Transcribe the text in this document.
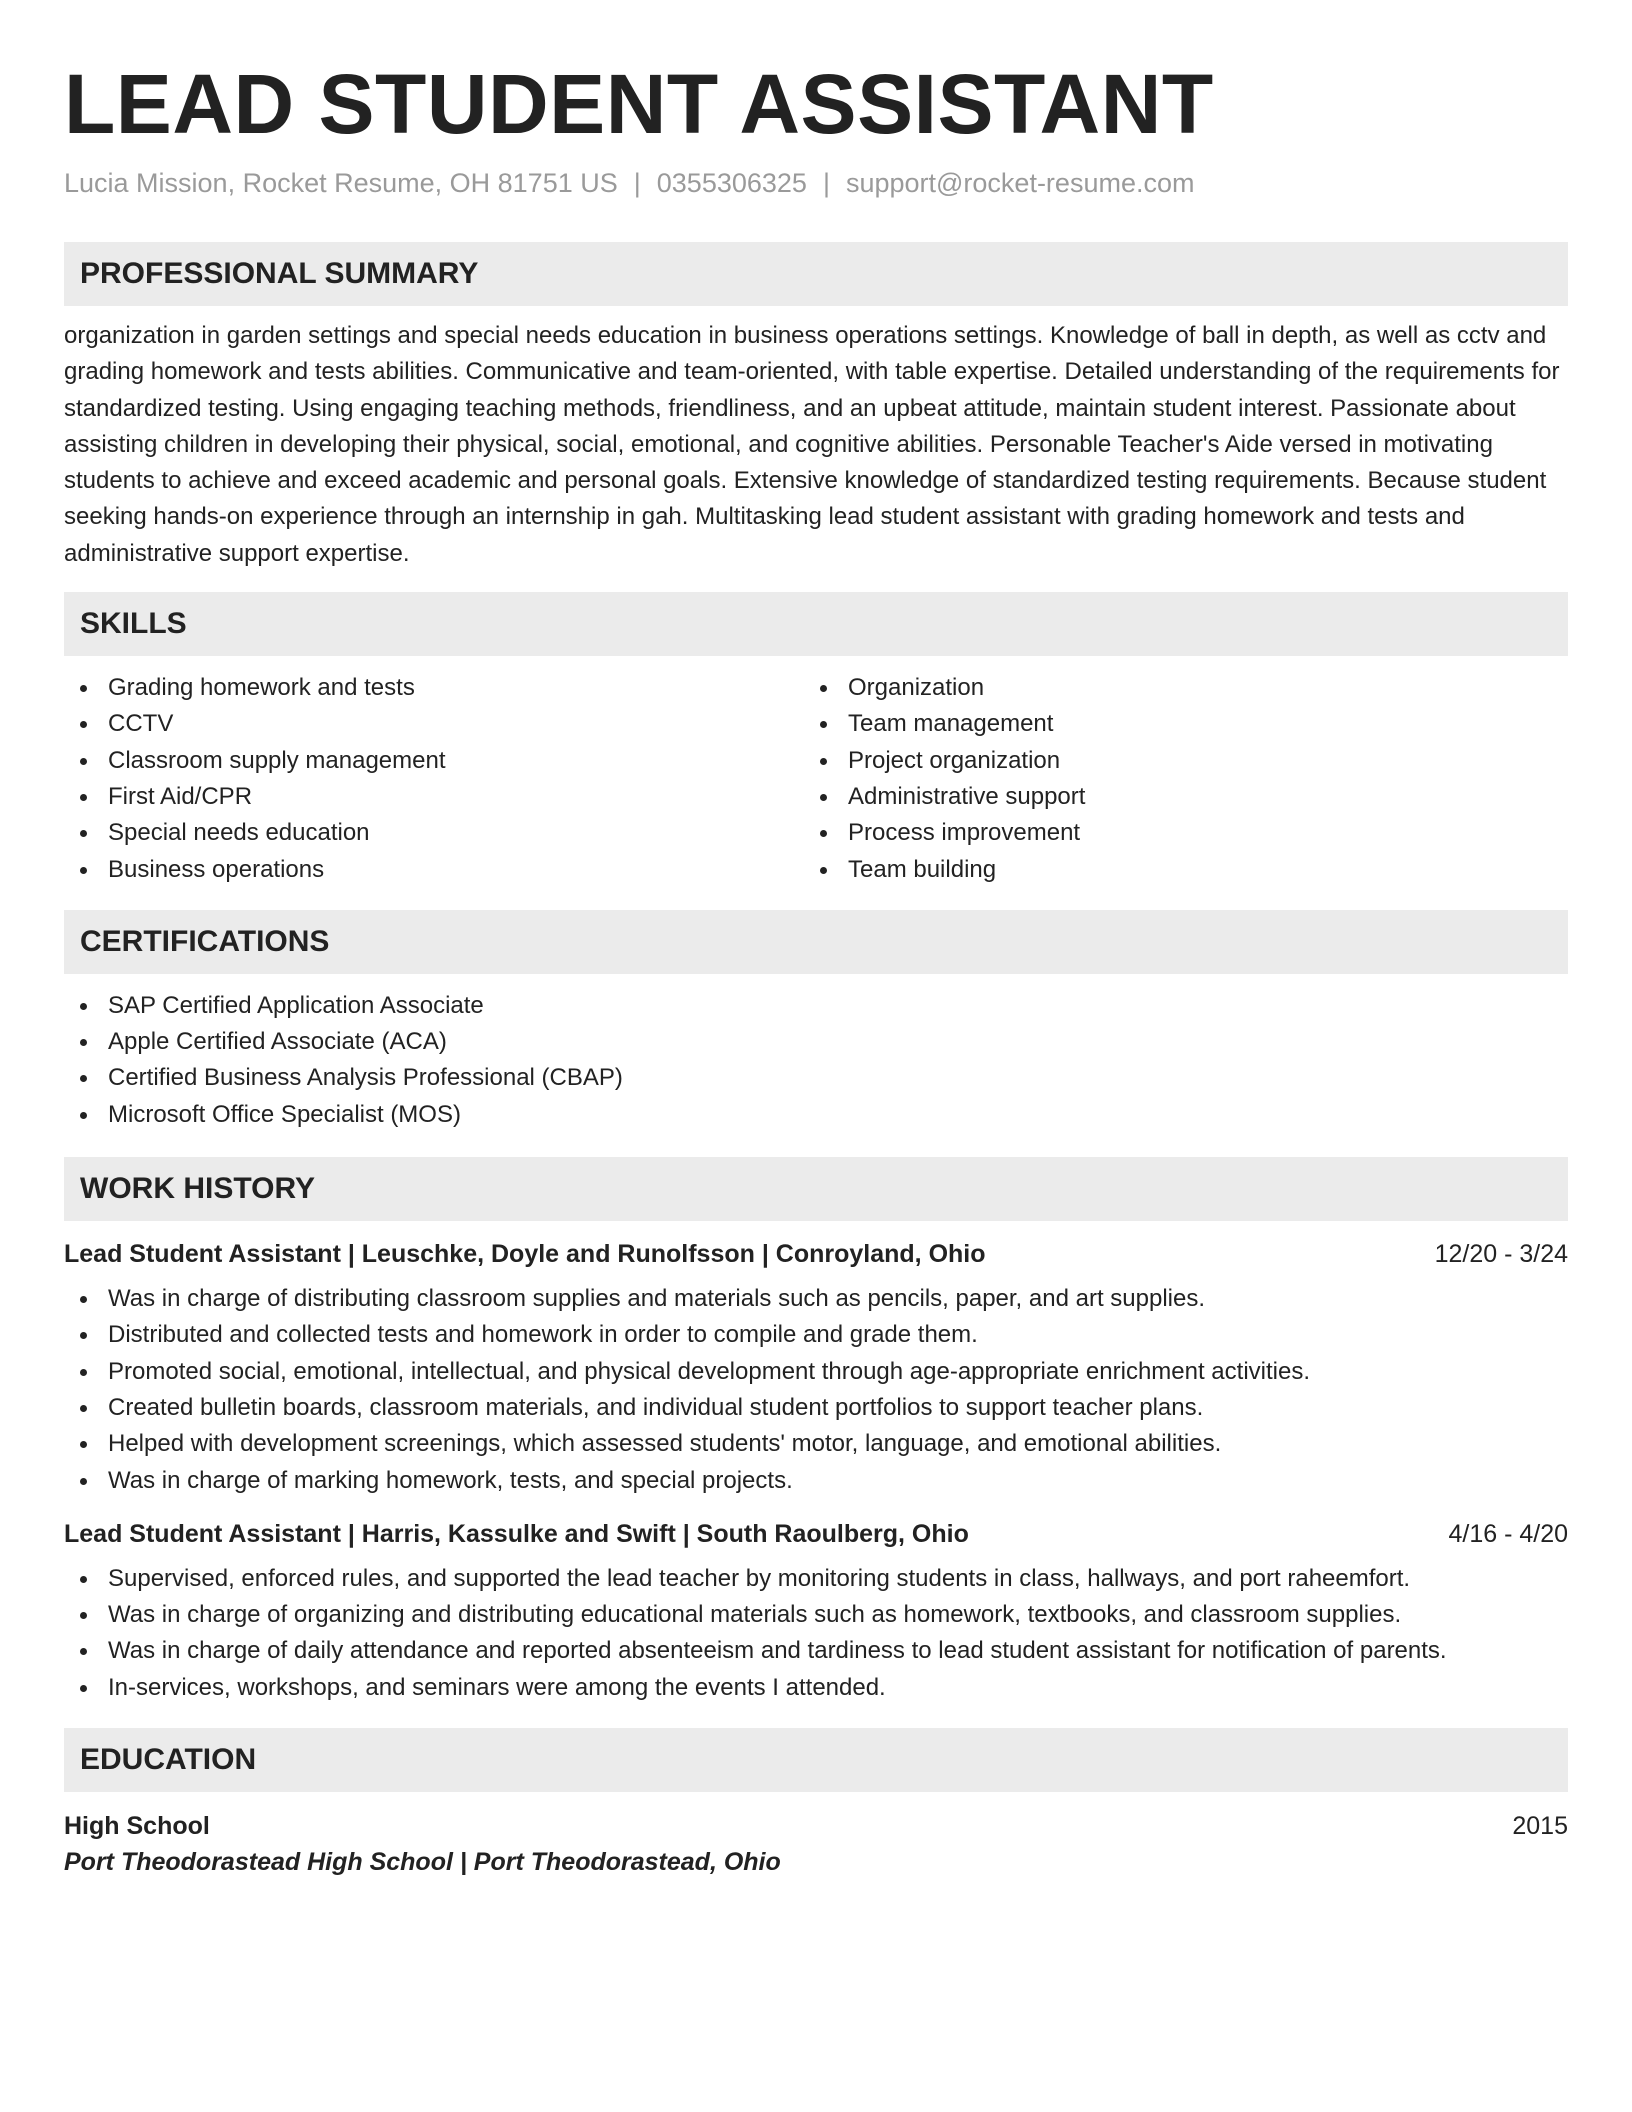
LEAD STUDENT ASSISTANT
Lucia Mission, Rocket Resume, OH 81751 US | 0355306325 | support@rocket-resume.com
PROFESSIONAL SUMMARY

organization in garden settings and special needs education in business operations settings. Knowledge of ball in depth, as well as cctv and grading homework and tests abilities. Communicative and team-oriented, with table expertise. Detailed understanding of the requirements for standardized testing. Using engaging teaching methods, friendliness, and an upbeat attitude, maintain student interest. Passionate about assisting children in developing their physical, social, emotional, and cognitive abilities. Personable Teacher's Aide versed in motivating students to achieve and exceed academic and personal goals. Extensive knowledge of standardized testing requirements. Because student seeking hands-on experience through an internship in gah. Multitasking lead student assistant with grading homework and tests and administrative support expertise.

SKILLS
Grading homework and tests
CCTV
Classroom supply management
First Aid/CPR
Special needs education
Business operations
Organization
Team management
Project organization
Administrative support
Process improvement
Team building
CERTIFICATIONS
SAP Certified Application Associate
Apple Certified Associate (ACA)
Certified Business Analysis Professional (CBAP)
Microsoft Office Specialist (MOS)
WORK HISTORY
Lead Student Assistant | Leuschke, Doyle and Runolfsson | Conroyland, Ohio	12/20 - 3/24
Was in charge of distributing classroom supplies and materials such as pencils, paper, and art supplies.
Distributed and collected tests and homework in order to compile and grade them.
Promoted social, emotional, intellectual, and physical development through age-appropriate enrichment activities.
Created bulletin boards, classroom materials, and individual student portfolios to support teacher plans.
Helped with development screenings, which assessed students' motor, language, and emotional abilities.
Was in charge of marking homework, tests, and special projects.
Lead Student Assistant | Harris, Kassulke and Swift | South Raoulberg, Ohio	4/16 - 4/20
Supervised, enforced rules, and supported the lead teacher by monitoring students in class, hallways, and port raheemfort.
Was in charge of organizing and distributing educational materials such as homework, textbooks, and classroom supplies.
Was in charge of daily attendance and reported absenteeism and tardiness to lead student assistant for notification of parents.
In-services, workshops, and seminars were among the events I attended.
EDUCATION
High School	2015
Port Theodorastead High School | Port Theodorastead, Ohio
